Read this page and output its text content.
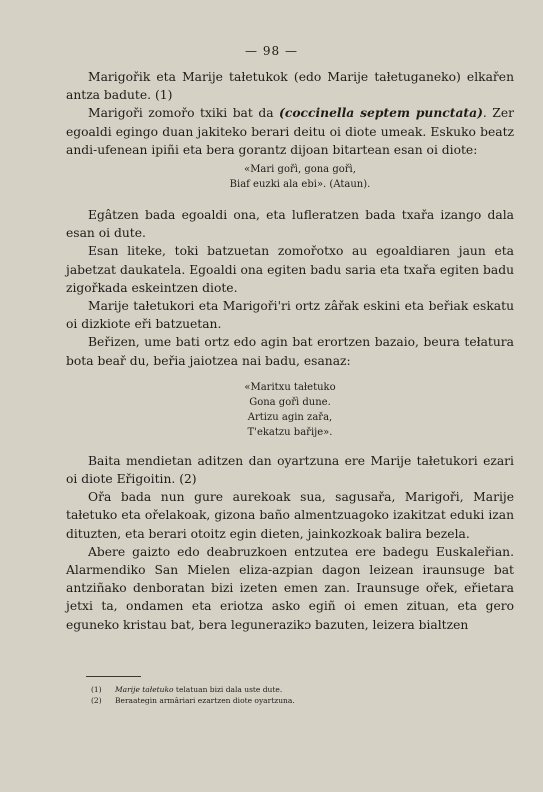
— 98 —

Marigořik eta Marije tałetukok (edo Marije tałetuganeko) elkařen antza badute. (1)

Marigoři zomořo txiki bat da (coccinella septem punctata). Zer egoaldi egingo duan jakiteko berari deitu oi diote umeak. Eskuko beatz andi-ufenean ipiñi eta bera gorantz dijoan bitartean esan oi diote:

«Mari gořì, gona gořì,
Biaf euzki ala ebi». (Ataun).

Egâtzen bada egoaldi ona, eta lufleratzen bada txařa izango dala esan oi dute.

Esan liteke, toki batzuetan zomořotxo au egoaldiaren jaun eta jabetzat daukatela. Egoaldi ona egiten badu saria eta txařa egiten badu zigořkada eskeintzen diote.

Marije tałetukori eta Marigoři'ri ortz zâřak eskini eta beřiak eskatu oi dizkiote eři batzuetan.

Beřizen, ume bati ortz edo agin bat erortzen bazaio, beura tełatura bota beař du, beřia jaiotzea nai badu, esanaz:

«Maritxu tałetuko
Gona gořì dune.
Artizu agin zařa,
T'ekatzu bařije».

Baita mendietan aditzen dan oyartzuna ere Marije tałetukori ezari oi diote Eřigoitin. (2)

Ořa bada nun gure aurekoak sua, sagusařa, Marigoři, Marije tałetuko eta ořelakoak, gizona baño almentzuagoko izakitzat eduki izan dituzten, eta berari otoitz egin dieten, jainkozkoak balira bezela.

Abere gaizto edo deabruzkoen entzutea ere badegu Euskaleřian. Alarmendiko San Mielen eliza-azpian dagon leizean iraunsuge bat antziñako denboratan bizi izeten emen zan. Iraunsuge ořek, eřietara jetxi ta, ondamen eta eriotza asko egiñ oi emen zituan, eta gero eguneko kristau bat, bera legunerazikɔ bazuten, leizera bialtzen

(1) Marije tałetuko telatuan bizi dala uste dute.
(2) Beraategin armâriari ezartzen diote oyartzuna.
